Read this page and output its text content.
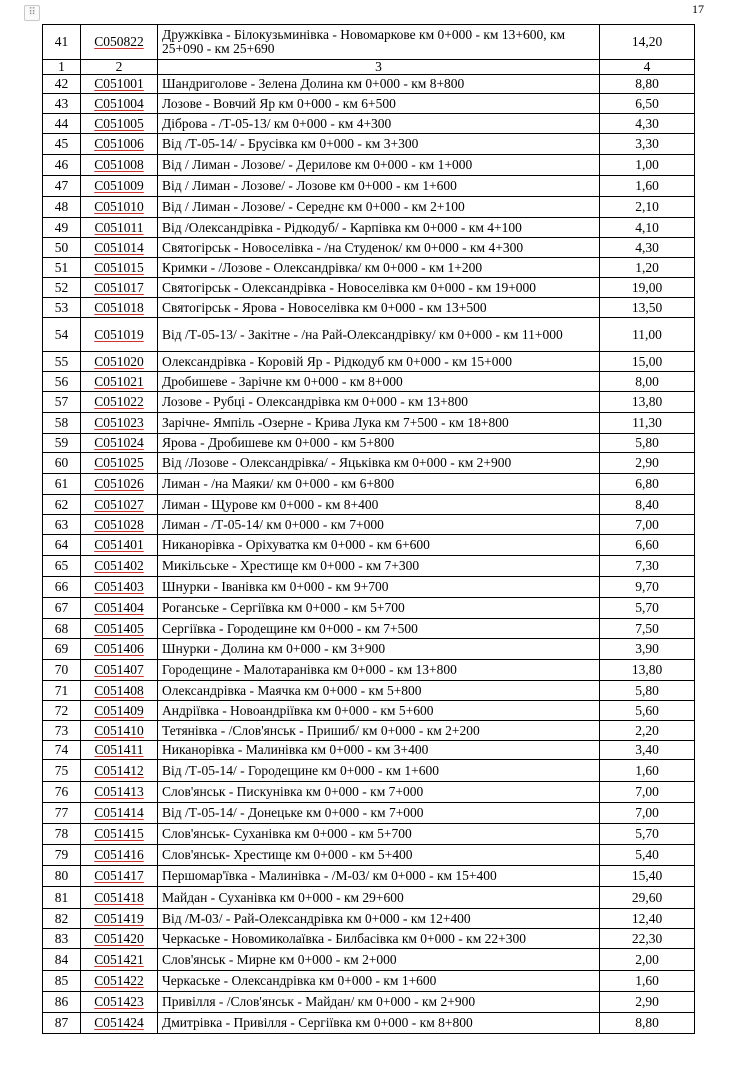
⠿	17
41	С050822	Дружківка - Білокузьминівка - Новомаркове км 0+000 - км 13+600, км 25+090 - км 25+690	14,20
1	2	3	4
42	С051001	Шандриголове - Зелена Долина км 0+000 - км 8+800	8,80
43	С051004	Лозове - Вовчий Яр км 0+000 - км 6+500	6,50
44	С051005	Діброва - /Т-05-13/ км 0+000 - км 4+300	4,30
45	С051006	Від /Т-05-14/ - Брусівка км 0+000 - км 3+300	3,30
46	С051008	Від / Лиман - Лозове/ - Дерилове км 0+000 - км 1+000	1,00
47	С051009	Від / Лиман - Лозове/ - Лозове км 0+000 - км 1+600	1,60
48	С051010	Від / Лиман - Лозове/ - Середнє км 0+000 - км 2+100	2,10
49	С051011	Від /Олександрівка - Рідкодуб/ - Карпівка км 0+000 - км 4+100	4,10
50	С051014	Святогірськ - Новоселівка - /на Студенок/ км 0+000 - км 4+300	4,30
51	С051015	Кримки - /Лозове - Олександрівка/ км 0+000 - км 1+200	1,20
52	С051017	Святогірськ - Олександрівка - Новоселівка км 0+000 - км 19+000	19,00
53	С051018	Святогірськ - Ярова - Новоселівка км 0+000 - км 13+500	13,50
54	С051019	Від /Т-05-13/ - Закітне - /на Рай-Олександрівку/ км 0+000 - км 11+000	11,00
55	С051020	Олександрівка - Коровій Яр - Рідкодуб км 0+000 - км 15+000	15,00
56	С051021	Дробишеве - Зарічне км 0+000 - км 8+000	8,00
57	С051022	Лозове - Рубці - Олександрівка км 0+000 - км 13+800	13,80
58	С051023	Зарічне- Ямпіль -Озерне - Крива Лука км 7+500 - км 18+800	11,30
59	С051024	Ярова - Дробишеве км 0+000 - км 5+800	5,80
60	С051025	Від /Лозове - Олександрівка/ - Яцьківка км 0+000 - км 2+900	2,90
61	С051026	Лиман - /на Маяки/ км 0+000 - км 6+800	6,80
62	С051027	Лиман - Щурове км 0+000 - км 8+400	8,40
63	С051028	Лиман - /Т-05-14/ км 0+000 - км 7+000	7,00
64	С051401	Никанорівка - Оріхуватка км 0+000 - км 6+600	6,60
65	С051402	Микільське - Хрестище км 0+000 - км 7+300	7,30
66	С051403	Шнурки - Іванівка км 0+000 - км 9+700	9,70
67	С051404	Роганське - Сергіївка км 0+000 - км 5+700	5,70
68	С051405	Сергіївка - Городещине км 0+000 - км 7+500	7,50
69	С051406	Шнурки - Долина км 0+000 - км 3+900	3,90
70	С051407	Городещине - Малотаранівка км 0+000 - км 13+800	13,80
71	С051408	Олександрівка - Маячка км 0+000 - км 5+800	5,80
72	С051409	Андріївка - Новоандріївка км 0+000 - км 5+600	5,60
73	С051410	Тетянівка - /Слов'янськ - Пришиб/ км 0+000 - км 2+200	2,20
74	С051411	Никанорівка - Малинівка км 0+000 - км 3+400	3,40
75	С051412	Від /Т-05-14/ - Городещине км 0+000 - км 1+600	1,60
76	С051413	Слов'янськ - Пискунівка км 0+000 - км 7+000	7,00
77	С051414	Від /Т-05-14/ - Донецьке км 0+000 - км 7+000	7,00
78	С051415	Слов'янськ- Суханівка км 0+000 - км 5+700	5,70
79	С051416	Слов'янськ- Хрестище км 0+000 - км 5+400	5,40
80	С051417	Першомар'ївка - Малинівка - /М-03/ км 0+000 - км 15+400	15,40
81	С051418	Майдан - Суханівка км 0+000 - км 29+600	29,60
82	С051419	Від /М-03/ - Рай-Олександрівка км 0+000 - км 12+400	12,40
83	С051420	Черкаське - Новомиколаївка - Билбасівка км 0+000 - км 22+300	22,30
84	С051421	Слов'янськ - Мирне км 0+000 - км 2+000	2,00
85	С051422	Черкаське - Олександрівка км 0+000 - км 1+600	1,60
86	С051423	Привілля - /Слов'янськ - Майдан/ км 0+000 - км 2+900	2,90
87	С051424	Дмитрівка - Привілля - Сергіївка км 0+000 - км 8+800	8,80
